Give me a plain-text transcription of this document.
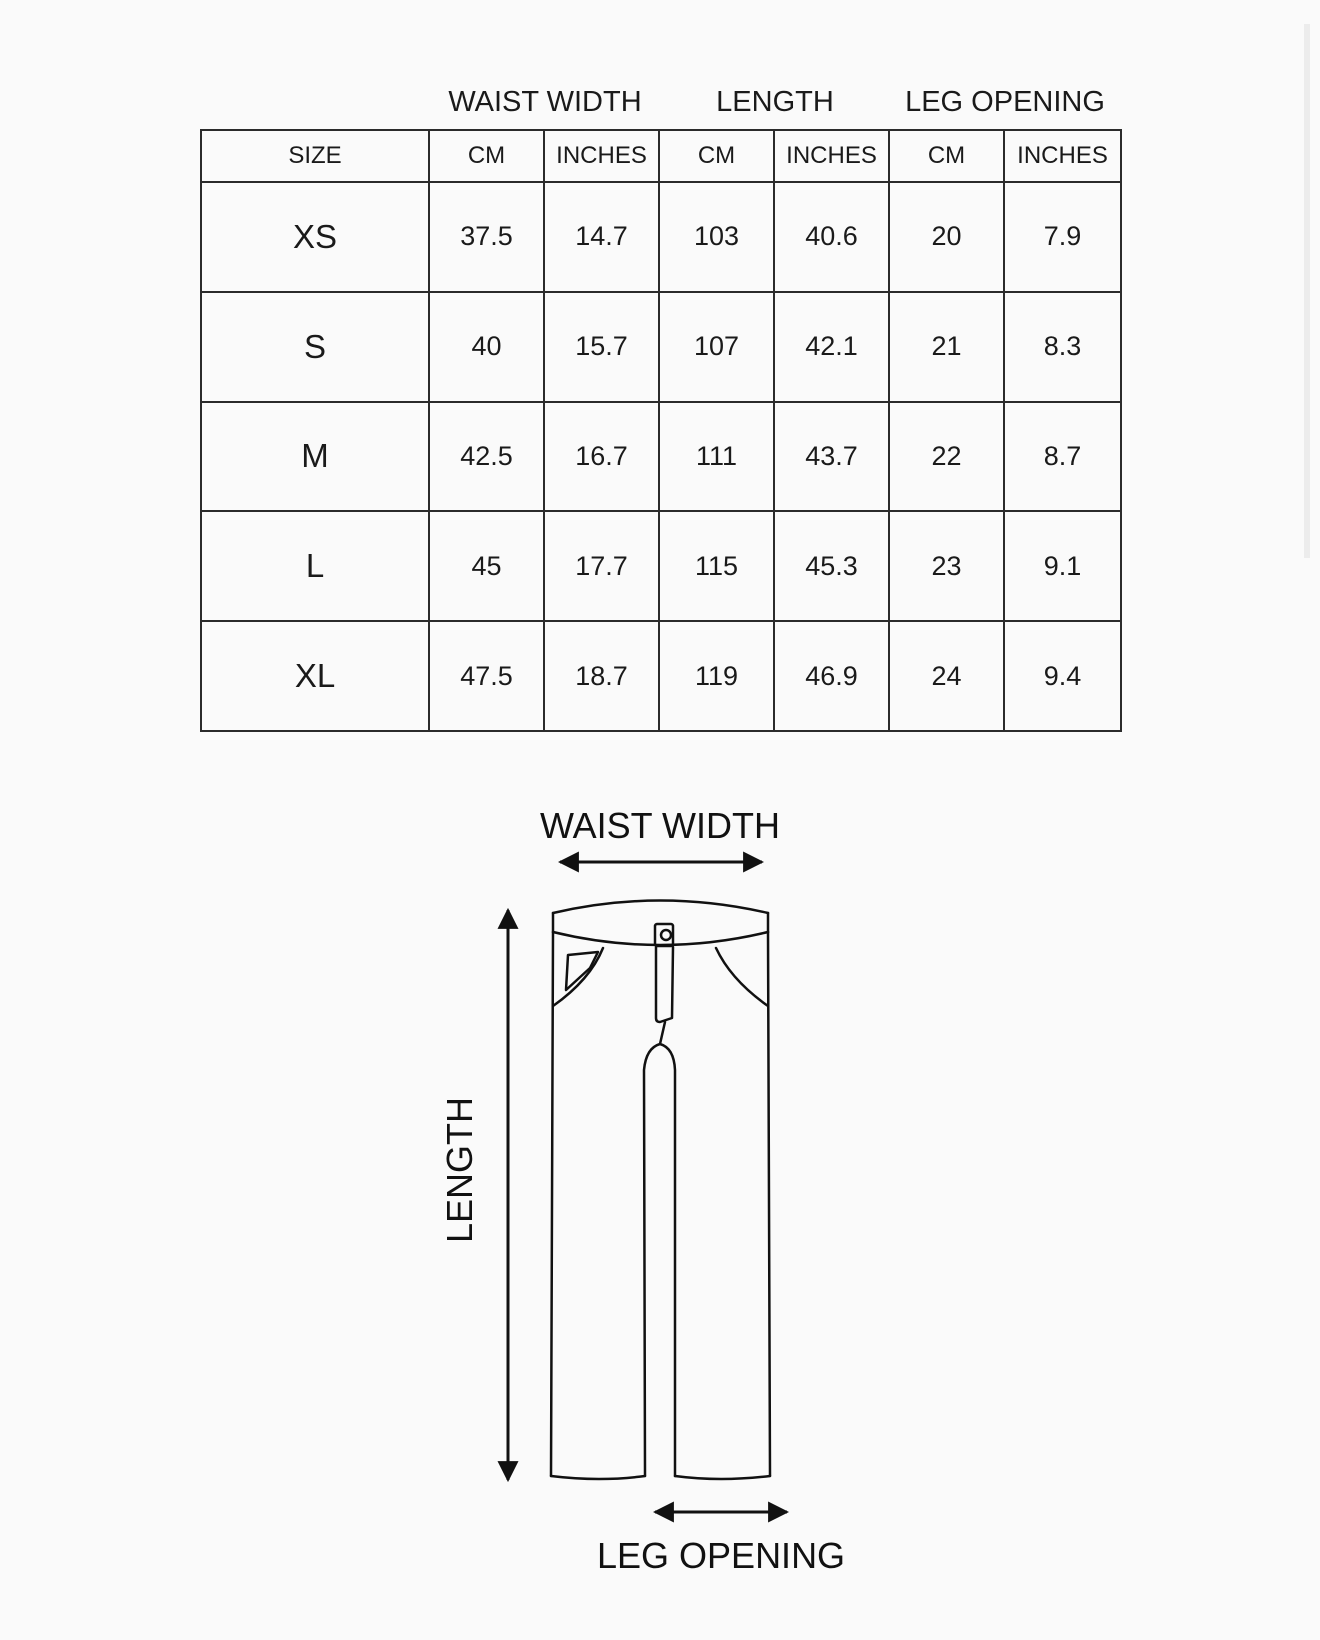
WAIST WIDTH	LENGTH	LEG OPENING
SIZE	CM	INCHES	CM	INCHES	CM	INCHES
XS	37.5	14.7	103	40.6	20	7.9
S	40	15.7	107	42.1	21	8.3
M	42.5	16.7	111	43.7	22	8.7
L	45	17.7	115	45.3	23	9.1
XL	47.5	18.7	119	46.9	24	9.4
WAIST WIDTH
LENGTH
LEG OPENING
